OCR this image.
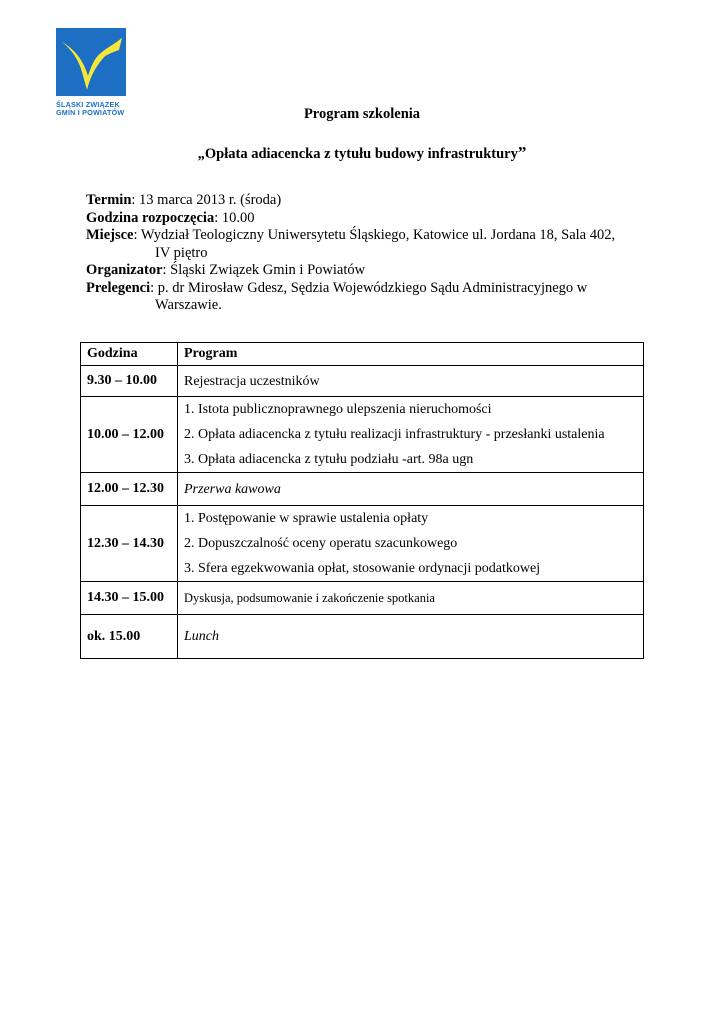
ŚLĄSKI ZWIĄZEK
GMIN I POWIATÓW	Program szkolenia
„Opłata adiacencka z tytułu budowy infrastruktury”
Termin: 13 marca 2013 r. (środa)
Godzina rozpoczęcia: 10.00
Miejsce: Wydział Teologiczny Uniwersytetu Śląskiego, Katowice ul. Jordana 18, Sala 402,
IV piętro
Organizator: Śląski Związek Gmin i Powiatów
Prelegenci: p. dr Mirosław Gdesz, Sędzia Wojewódzkiego Sądu Administracyjnego w
Warszawie.
Godzina	Program
9.30 – 10.00	Rejestracja uczestników

10.00 – 12.00	1. Istota publicznoprawnego ulepszenia nieruchomości
2. Opłata adiacencka z tytułu realizacji infrastruktury - przesłanki ustalenia
3. Opłata adiacencka z tytułu podziału -art. 98a ugn

12.00 – 12.30	Przerwa kawowa

12.30 – 14.30	1. Postępowanie w sprawie ustalenia opłaty
2. Dopuszczalność oceny operatu szacunkowego
3. Sfera egzekwowania opłat, stosowanie ordynacji podatkowej

14.30 – 15.00	Dyskusja, podsumowanie i zakończenie spotkania

ok. 15.00	Lunch
